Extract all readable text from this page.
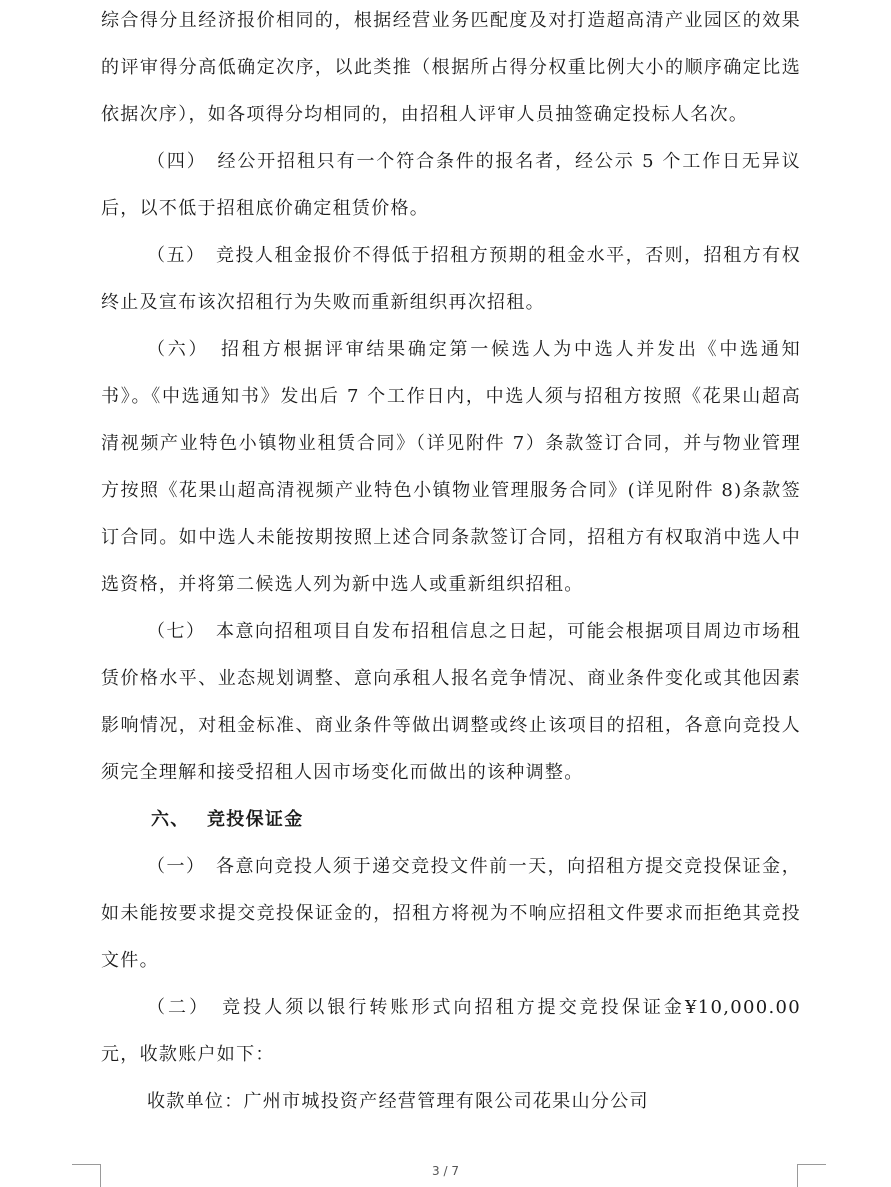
综合得分且经济报价相同的，根据经营业务匹配度及对打造超高清产业园区的效果的评审得分高低确定次序，以此类推（根据所占得分权重比例大小的顺序确定比选依据次序），如各项得分均相同的，由招租人评审人员抽签确定投标人名次。

（四）　经公开招租只有一个符合条件的报名者，经公示 5 个工作日无异议后，以不低于招租底价确定租赁价格。

（五）　竞投人租金报价不得低于招租方预期的租金水平，否则，招租方有权终止及宣布该次招租行为失败而重新组织再次招租。

（六）　招租方根据评审结果确定第一候选人为中选人并发出《中选通知书》。《中选通知书》发出后 7 个工作日内，中选人须与招租方按照《花果山超高清视频产业特色小镇物业租赁合同》（详见附件 7）条款签订合同，并与物业管理方按照《花果山超高清视频产业特色小镇物业管理服务合同》(详见附件 8)条款签订合同。如中选人未能按期按照上述合同条款签订合同，招租方有权取消中选人中选资格，并将第二候选人列为新中选人或重新组织招租。

（七）　本意向招租项目自发布招租信息之日起，可能会根据项目周边市场租赁价格水平、业态规划调整、意向承租人报名竞争情况、商业条件变化或其他因素影响情况，对租金标准、商业条件等做出调整或终止该项目的招租，各意向竞投人须完全理解和接受招租人因市场变化而做出的该种调整。

六、 竞投保证金

（一）　各意向竞投人须于递交竞投文件前一天，向招租方提交竞投保证金，如未能按要求提交竞投保证金的，招租方将视为不响应招租文件要求而拒绝其竞投文件。

（二）　竞投人须以银行转账形式向招租方提交竞投保证金¥10,000.00 元，收款账户如下：

收款单位：广州市城投资产经营管理有限公司花果山分公司

3 / 7
